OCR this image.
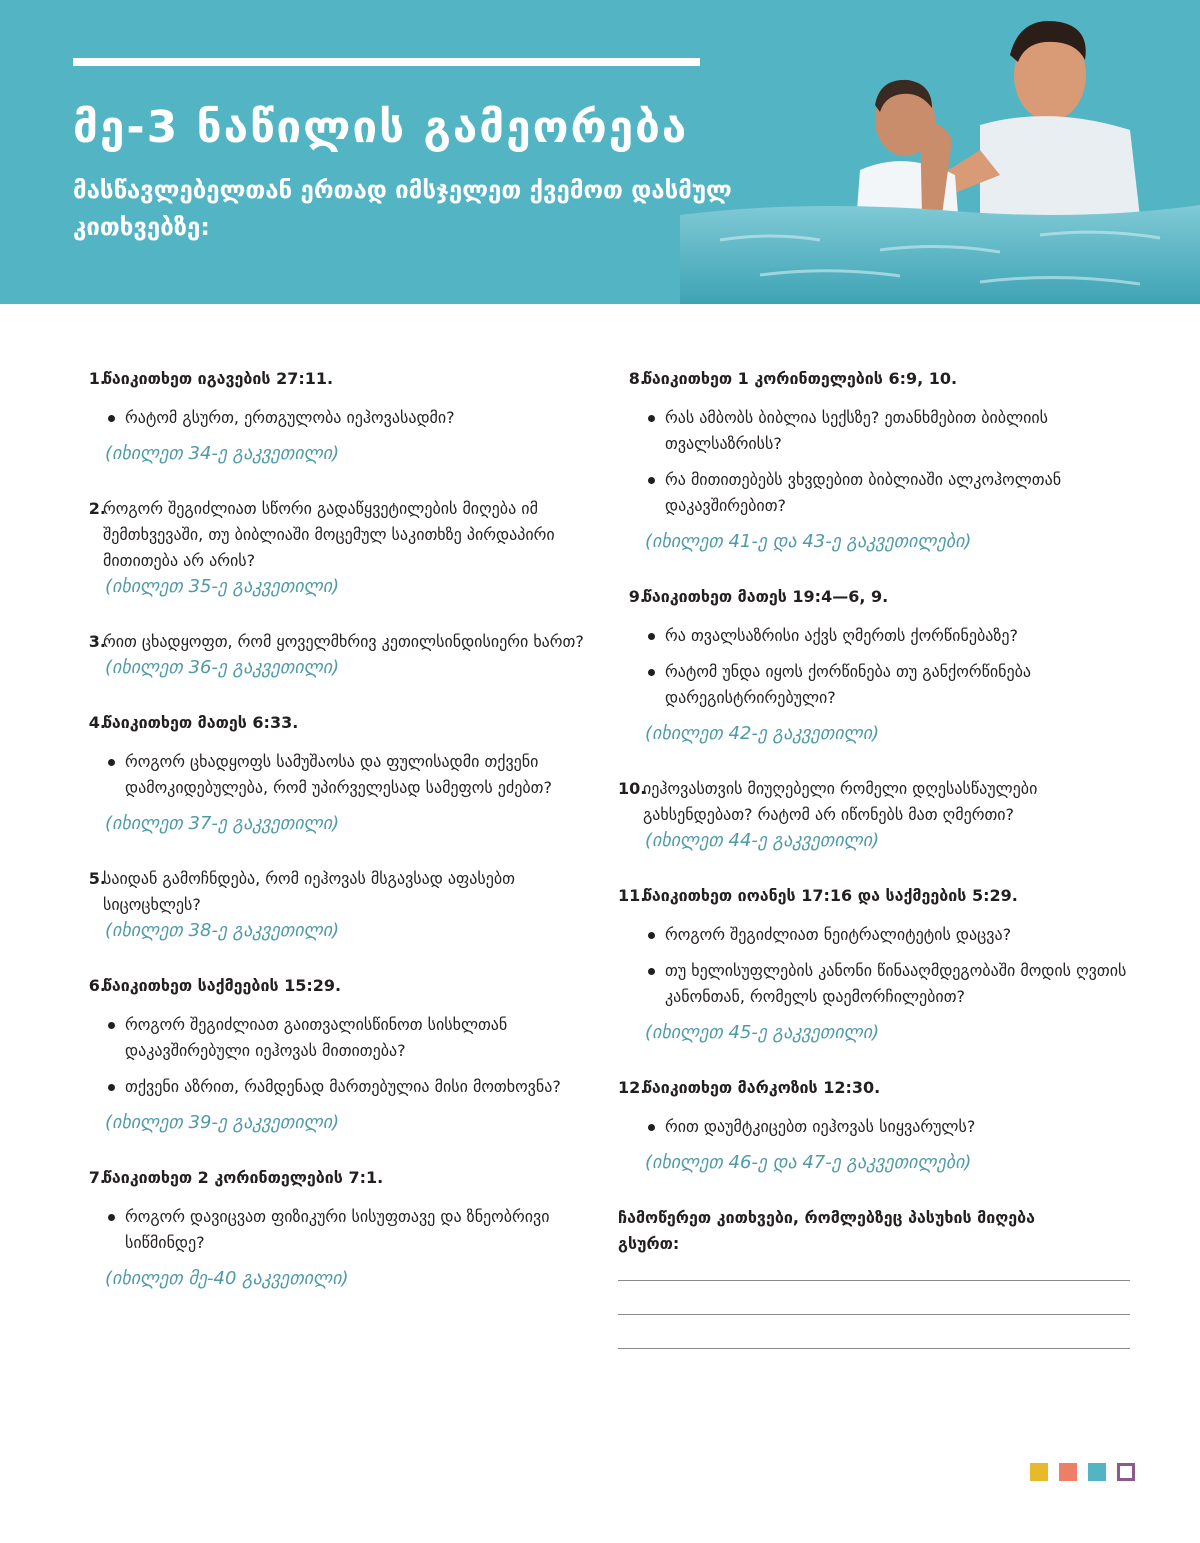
მე-3 ნაწილის გამეორება
მასწავლებელთან ერთად იმსჯელეთ ქვემოთ დასმულ კითხვებზე:
1.
წაიკითხეთ იგავების 27:11.
რატომ გსურთ, ერთგულობა იეჰოვასადმი?
(იხილეთ 34-ე გაკვეთილი)
2.
როგორ შეგიძლიათ სწორი გადაწყვეტილების მიღება იმ შემთხვევაში, თუ ბიბლიაში მოცემულ საკითხზე პირდაპირი მითითება არ არის?
(იხილეთ 35-ე გაკვეთილი)
3.
რით ცხადყოფთ, რომ ყოველმხრივ კეთილსინდისიერი ხართ?
(იხილეთ 36-ე გაკვეთილი)
4.
წაიკითხეთ მათეს 6:33.
როგორ ცხადყოფს სამუშაოსა და ფულისადმი თქვენი დამოკიდებულება, რომ უპირველესად სამეფოს ეძებთ?
(იხილეთ 37-ე გაკვეთილი)
5.
საიდან გამოჩნდება, რომ იეჰოვას მსგავსად აფასებთ სიცოცხლეს?
(იხილეთ 38-ე გაკვეთილი)
6.
წაიკითხეთ საქმეების 15:29.
როგორ შეგიძლიათ გაითვალისწინოთ სისხლთან დაკავშირებული იეჰოვას მითითება?
თქვენი აზრით, რამდენად მართებულია მისი მოთხოვნა?
(იხილეთ 39-ე გაკვეთილი)
7.
წაიკითხეთ 2 კორინთელების 7:1.
როგორ დავიცვათ ფიზიკური სისუფთავე და ზნეობრივი სიწმინდე?
(იხილეთ მე-40 გაკვეთილი)
8.
წაიკითხეთ 1 კორინთელების 6:9, 10.
რას ამბობს ბიბლია სექსზე? ეთანხმებით ბიბლიის თვალსაზრისს?
რა მითითებებს ვხვდებით ბიბლიაში ალკოჰოლთან დაკავშირებით?
(იხილეთ 41-ე და 43-ე გაკვეთილები)
9.
წაიკითხეთ მათეს 19:4—6, 9.
რა თვალსაზრისი აქვს ღმერთს ქორწინებაზე?
რატომ უნდა იყოს ქორწინება თუ განქორწინება დარეგისტრირებული?
(იხილეთ 42-ე გაკვეთილი)
10.
იეჰოვასთვის მიუღებელი რომელი დღესასწაულები გახსენდებათ? რატომ არ იწონებს მათ ღმერთი?
(იხილეთ 44-ე გაკვეთილი)
11.
წაიკითხეთ იოანეს 17:16 და საქმეების 5:29.
როგორ შეგიძლიათ ნეიტრალიტეტის დაცვა?
თუ ხელისუფლების კანონი წინააღმდეგობაში მოდის ღვთის კანონთან, რომელს დაემორჩილებით?
(იხილეთ 45-ე გაკვეთილი)
12.
წაიკითხეთ მარკოზის 12:30.
რით დაუმტკიცებთ იეჰოვას სიყვარულს?
(იხილეთ 46-ე და 47-ე გაკვეთილები)
ჩამოწერეთ კითხვები, რომლებზეც პასუხის მიღება გსურთ:
